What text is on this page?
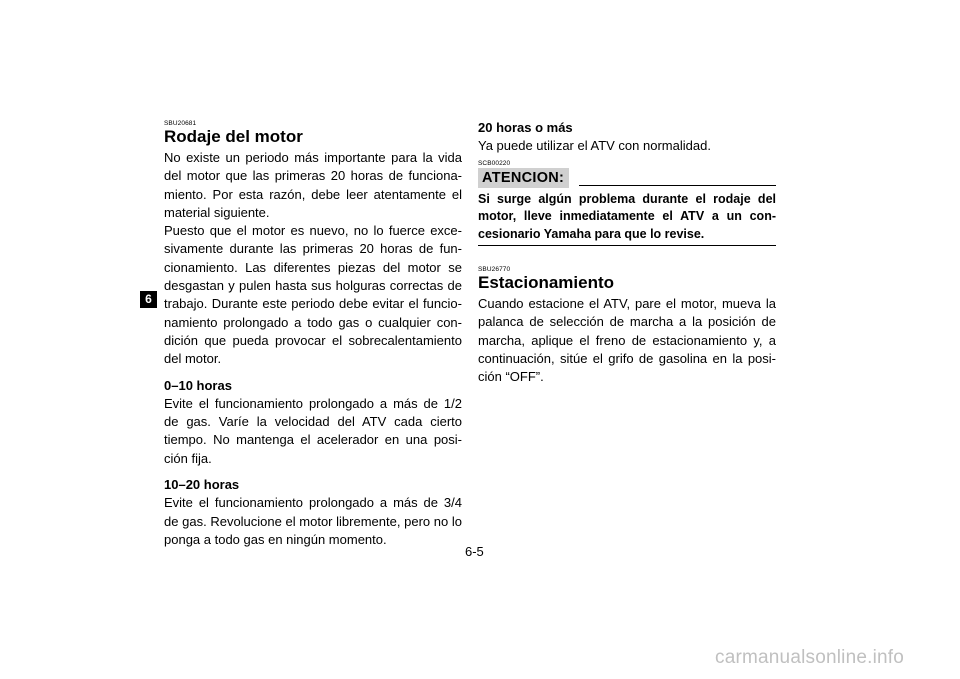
6
SBU20681
Rodaje del motor

No existe un periodo más importante para la vida del motor que las primeras 20 horas de funciona-miento. Por esta razón, debe leer atentamente el material siguiente.

Puesto que el motor es nuevo, no lo fuerce exce-sivamente durante las primeras 20 horas de fun-cionamiento. Las diferentes piezas del motor se desgastan y pulen hasta sus holguras correctas de trabajo. Durante este periodo debe evitar el funcio-namiento prolongado a todo gas o cualquier con-dición que pueda provocar el sobrecalentamiento del motor.

0–10 horas

Evite el funcionamiento prolongado a más de 1/2 de gas. Varíe la velocidad del ATV cada cierto tiempo. No mantenga el acelerador en una posi-ción fija.

10–20 horas

Evite el funcionamiento prolongado a más de 3/4 de gas. Revolucione el motor libremente, pero no lo ponga a todo gas en ningún momento.

20 horas o más

Ya puede utilizar el ATV con normalidad.

SCB00220
ATENCION:
Si surge algún problema durante el rodaje del motor, lleve inmediatamente el ATV a un con-cesionario Yamaha para que lo revise.
SBU26770
Estacionamiento

Cuando estacione el ATV, pare el motor, mueva la palanca de selección de marcha a la posición de marcha, aplique el freno de estacionamiento y, a continuación, sitúe el grifo de gasolina en la posi-ción “OFF”.

6-5
carmanualsonline.info
